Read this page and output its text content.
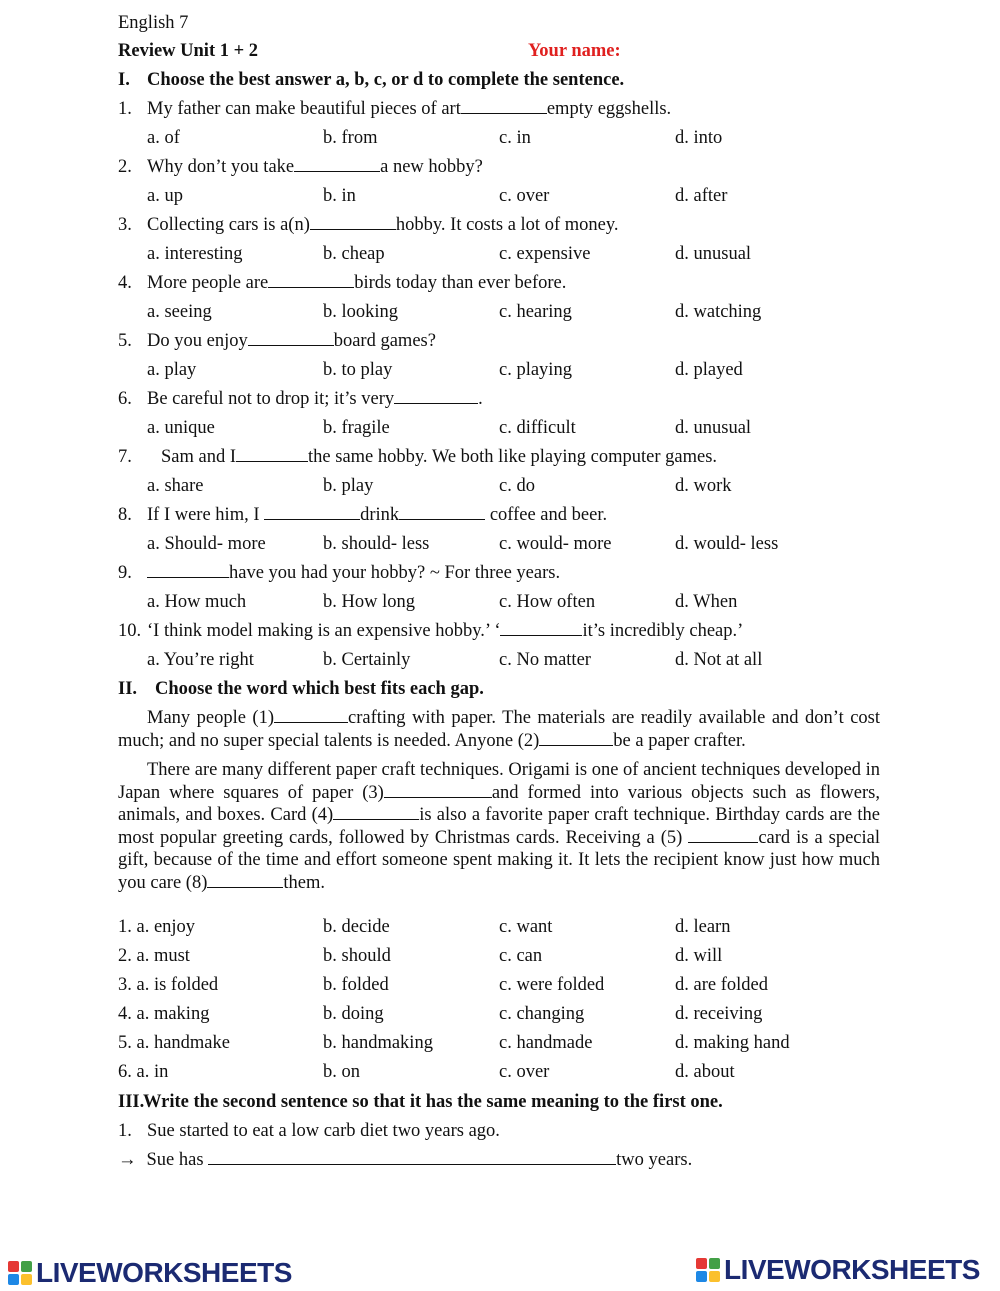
English 7
Review Unit 1 + 2	Your name:
I. Choose the best answer a, b, c, or d to complete the sentence.
1. My father can make beautiful pieces of art	empty eggshells.
a. of	b. from	c. in	d. into
2. Why don’t you take	a new hobby?
a. up	b. in	c. over	d. after
3. Collecting cars is a(n)	hobby. It costs a lot of money.
a. interesting	b. cheap	c. expensive	d. unusual
4. More people are	birds today than ever before.
a. seeing	b. looking	c. hearing	d. watching
5. Do you enjoy	board games?
a. play	b. to play	c. playing	d. played
6. Be careful not to drop it; it’s very	.
a. unique	b. fragile	c. difficult	d. unusual
7. Sam and I	the same hobby. We both like playing computer games.
a. share	b. play	c. do	d. work
8. If I were him, I	drink	coffee and beer.
a. Should- more	b. should- less	c. would- more	d. would- less
9.	have you had your hobby? ~ For three years.
a. How much	b. How long	c. How often	d. When
10. ‘I think model making is an expensive hobby.’ ‘	it’s incredibly cheap.’
a. You’re right	b. Certainly	c. No matter	d. Not at all
II. Choose the word which best fits each gap.
Many people (1)	crafting with paper. The materials are readily available and don’t cost much; and no super special talents is needed. Anyone (2)	be a paper crafter.
There are many different paper craft techniques. Origami is one of ancient techniques developed in Japan where squares of paper (3)	and formed into various objects such as flowers, animals, and boxes. Card (4)	is also a favorite paper craft technique. Birthday cards are the most popular greeting cards, followed by Christmas cards. Receiving a (5)	card is a special gift, because of the time and effort someone spent making it. It lets the recipient know just how much you care (8)	them.
1. a. enjoy	b. decide	c. want	d. learn
2. a. must	b. should	c. can	d. will
3. a. is folded	b. folded	c. were folded	d. are folded
4. a. making	b. doing	c. changing	d. receiving
5. a. handmake	b. handmaking	c. handmade	d. making hand
6. a. in	b. on	c. over	d. about
III.
Write the second sentence so that it has the same meaning to the first one.
1. Sue started to eat a low carb diet two years ago.
→ Sue has	two years.
LIVEWORKSHEETS	LIVEWORKSHEETS
